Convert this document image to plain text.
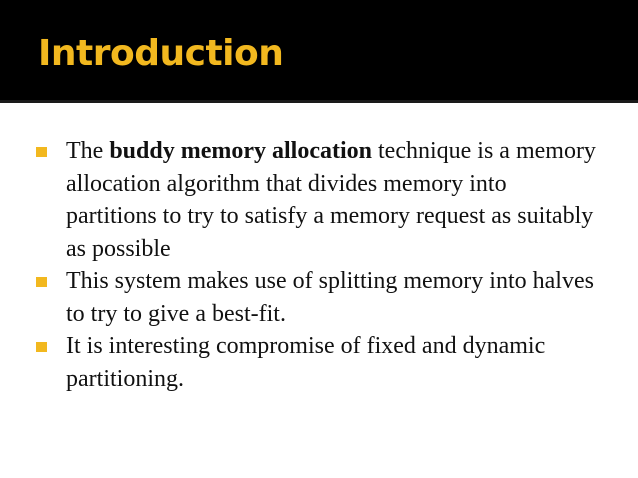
Introduction
The buddy memory allocation technique is a memory allocation algorithm that divides memory into partitions to try to satisfy a memory request as suitably as possible
This system makes use of splitting memory into halves to try to give a best-fit.
It is interesting compromise of fixed and dynamic partitioning.
